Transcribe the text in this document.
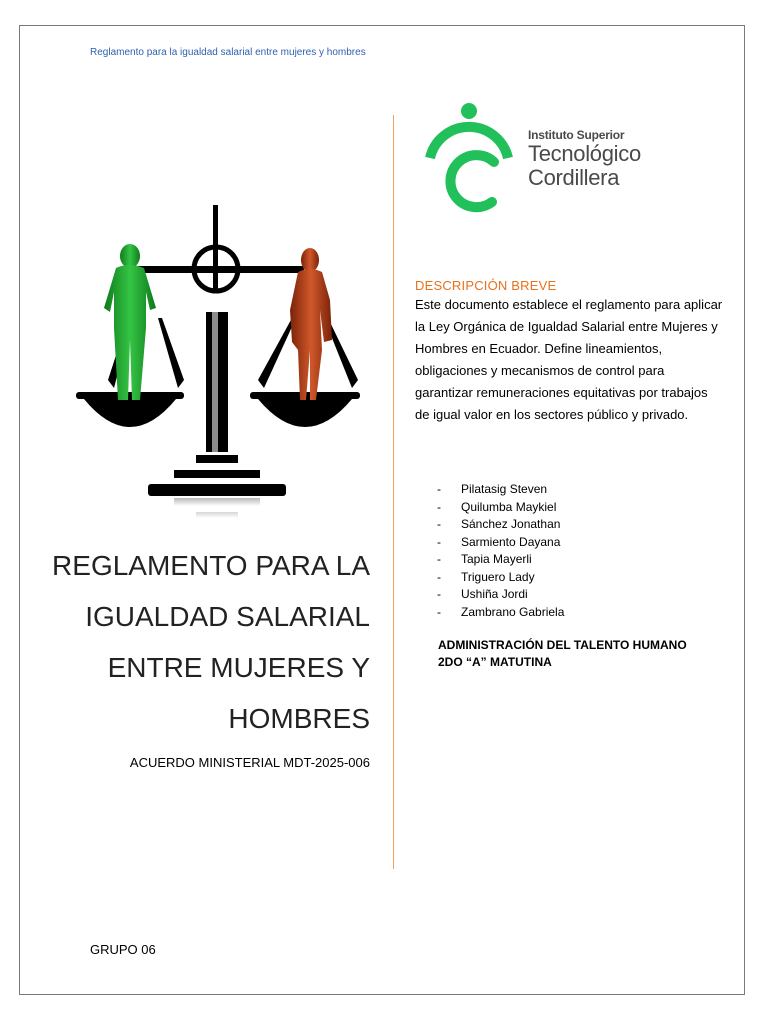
Reglamento para la igualdad salarial entre mujeres y hombres
REGLAMENTO PARA LA
IGUALDAD SALARIAL
ENTRE MUJERES Y
HOMBRES
ACUERDO MINISTERIAL MDT-2025-006
GRUPO 06
Instituto Superior
Tecnológico
Cordillera
DESCRIPCIÓN BREVE
Este documento establece el reglamento para aplicar la Ley Orgánica de Igualdad Salarial entre Mujeres y Hombres en Ecuador. Define lineamientos, obligaciones y mecanismos de control para garantizar remuneraciones equitativas por trabajos de igual valor en los sectores público y privado.
- Pilatasig Steven
- Quilumba Maykiel
- Sánchez Jonathan
- Sarmiento Dayana
- Tapia Mayerli
- Triguero Lady
- Ushiña Jordi
- Zambrano Gabriela
ADMINISTRACIÓN DEL TALENTO HUMANO
2DO “A” MATUTINA
